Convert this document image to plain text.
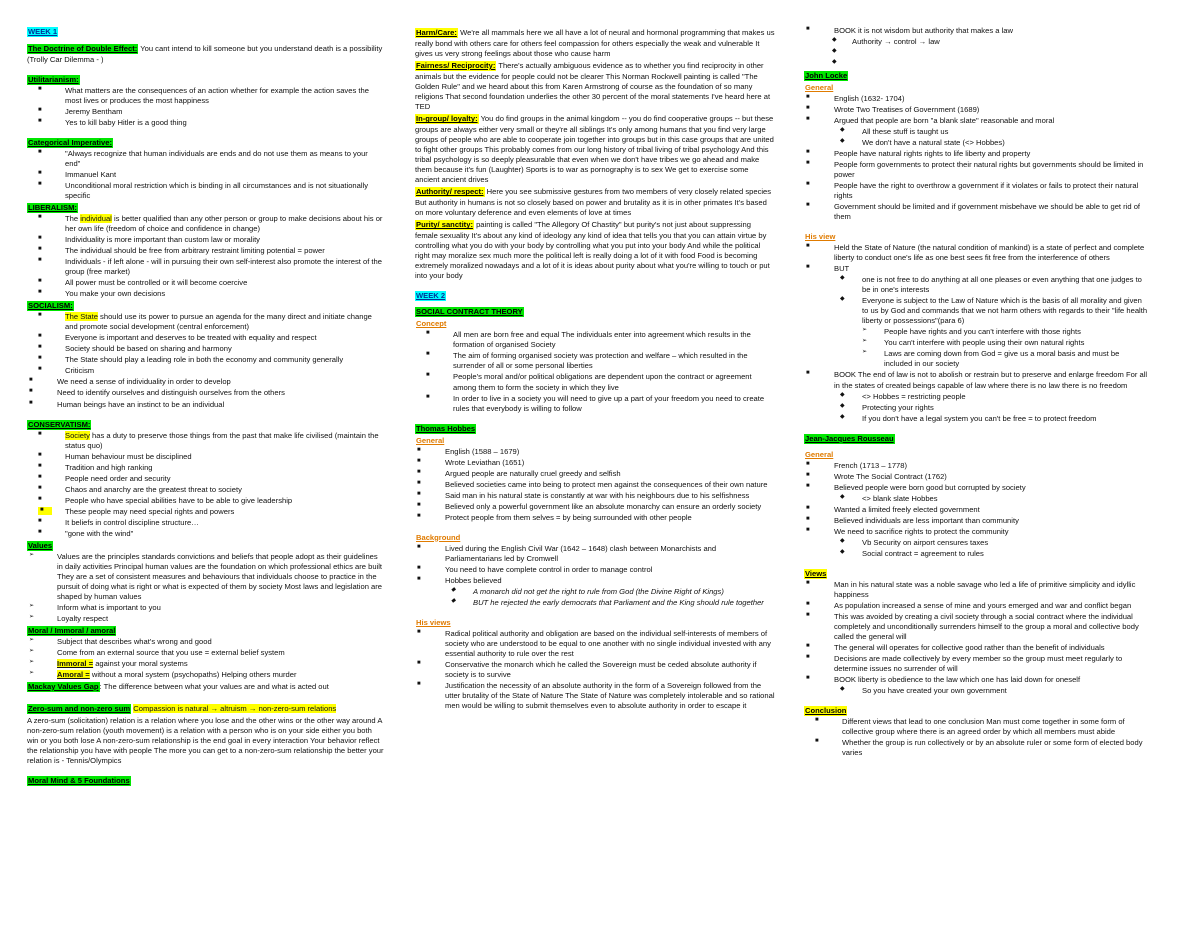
WEEK 1
The Doctrine of Double Effect: You cant intend to kill someone but you understand death is a possibility (Trolly Car Dilemma - )
Utilitarianism:
■	What matters are the consequences of an action whether for example the action saves the most lives or produces the most happiness
■	Jeremy Bentham
■	Yes to kill baby Hitler is a good thing
Categorical Imperative:
■	"Always recognize that human individuals are ends and do not use them as means to your end"
■	Immanuel Kant
■	Unconditional moral restriction which is binding in all circumstances and is not situationally specific
LIBERALISM:
■	The individual is better qualified than any other person or group to make decisions about his or her own life (freedom of choice and confidence in change)
■	Individuality is more important than custom law or morality
■	The individual should be free from arbitrary restraint limiting potential = power
■	Individuals - if left alone - will in pursuing their own self-interest also promote the interest of the group (free market)
■	All power must be controlled or it will become coercive
■	You make your own decisions
SOCIALISM:
■	The State should use its power to pursue an agenda for the many direct and initiate change and promote social development (central enforcement)
■	Everyone is important and deserves to be treated with equality and respect
■	Society should be based on sharing and harmony
■	The State should play a leading role in both the economy and community generally
■	Criticism
■	We need a sense of individuality in order to develop
■	Need to identify ourselves and distinguish ourselves from the others
■	Human beings have an instinct to be an individual
CONSERVATISM:
■	Society has a duty to preserve those things from the past that make life civilised (maintain the status quo)
■	Human behaviour must be disciplined
■	Tradition and high ranking
■	People need order and security
■	Chaos and anarchy are the greatest threat to society
■	People who have special abilities have to be able to give leadership
■	These people may need special rights and powers
■	It beliefs in control discipline structure…
■	"gone with the wind"
Values
➢	Values are the principles standards convictions and beliefs that people adopt as their guidelines in daily activities Principal human values are the foundation on which professional ethics are built They are a set of consistent measures and behaviours that individuals choose to practice in the pursuit of doing what is right or what is expected of them by society Most laws and legislation are shaped by human values
➢	Inform what is important to you
➢	Loyalty respect
Moral / Immoral / amoral
➢	Subject that describes what's wrong and good
➢	Come from an external source that you use = external belief system
➢	Immoral = against your moral systems
➢	Amoral = without a moral system (psychopaths) Helping others murder
Mackay Values Gap: The difference between what your values are and what is acted out
Zero-sum and non-zero sum Compassion is natural → altruism → non-zero-sum relations
A zero-sum (solicitation) relation is a relation where you lose and the other wins or the other way around A non-zero-sum relation (youth movement) is a relation with a person who is on your side either you both win or you both lose A non-zero-sum relationship is the end goal in every interaction Your behavior reflect the relationship you have with people The more you can get to a non-zero-sum relationship the better your relation is - Tennis/Olympics
Moral Mind & 5 Foundations
Harm/Care: We're all mammals here we all have a lot of neural and hormonal programming that makes us really bond with others care for others feel compassion for others especially the weak and vulnerable It gives us very strong feelings about those who cause harm
Fairness/ Reciprocity: There's actually ambiguous evidence as to whether you find reciprocity in other animals but the evidence for people could not be clearer This Norman Rockwell painting is called "The Golden Rule" and we heard about this from Karen Armstrong of course as the foundation of so many religions That second foundation underlies the other 30 percent of the moral statements I've heard here at TED
In-group/ loyalty: You do find groups in the animal kingdom -- you do find cooperative groups -- but these groups are always either very small or they're all siblings It's only among humans that you find very large groups of people who are able to cooperate join together into groups but in this case groups that are united to fight other groups This probably comes from our long history of tribal living of tribal psychology And this tribal psychology is so deeply pleasurable that even when we don't have tribes we go ahead and make them because it's fun (Laughter) Sports is to war as pornography is to sex We get to exercise some ancient ancient drives
Authority/ respect: Here you see submissive gestures from two members of very closely related species But authority in humans is not so closely based on power and brutality as it is in other primates It's based on more voluntary deference and even elements of love at times
Purity/ sanctity: painting is called "The Allegory Of Chastity" but purity's not just about suppressing female sexuality It's about any kind of ideology any kind of idea that tells you that you can attain virtue by controlling what you do with your body by controlling what you put into your body And while the political right may moralize sex much more the political left is really doing a lot of it with food Food is becoming extremely moralized nowadays and a lot of it is ideas about purity about what you're willing to touch or put into your body
WEEK 2
SOCIAL CONTRACT THEORY
Concept
■	All men are born free and equal The individuals enter into agreement which results in the formation of organised Society
■	The aim of forming organised society was protection and welfare – which resulted in the surrender of all or some personal liberties
■	People's moral and/or political obligations are dependent upon the contract or agreement among them to form the society in which they live
■	In order to live in a society you will need to give up a part of your freedom you need to create rules that everybody is willing to follow
Thomas Hobbes
General
■	English (1588 – 1679)
■	Wrote Leviathan (1651)
■	Argued people are naturally cruel greedy and selfish
■	Believed societies came into being to protect men against the consequences of their own nature
■	Said man in his natural state is constantly at war with his neighbours due to his selfishness
■	Believed only a powerful government like an absolute monarchy can ensure an orderly society
■	Protect people from them selves = by being surrounded with other people
Background
■	Lived during the English Civil War (1642 – 1648) clash between Monarchists and Parliamentarians led by Cromwell
■	You need to have complete control in order to manage control
■	Hobbes believed
◆ A monarch did not get the right to rule from God (the Divine Right of Kings)
◆ BUT he rejected the early democrats that Parliament and the King should rule together
His views
■	Radical political authority and obligation are based on the individual self-interests of members of society who are understood to be equal to one another with no single individual invested with any essential authority to rule over the rest
■	Conservative the monarch which he called the Sovereign must be ceded absolute authority if society is to survive
■	Justification the necessity of an absolute authority in the form of a Sovereign followed from the utter brutality of the State of Nature The State of Nature was completely intolerable and so rational men would be willing to submit themselves even to absolute authority in order to escape it
■	BOOK it is not wisdom but authority that makes a law
◆ Authority → control → law
◆

◆

John Locke
General
■	English (1632- 1704)
■	Wrote Two Treatises of Government (1689)
■	Argued that people are born "a blank slate" reasonable and moral
◆ All these stuff is taught us
◆ We don't have a natural state (<> Hobbes)
■	People have natural rights rights to life liberty and property
■	People form governments to protect their natural rights but governments should be limited in power
■	People have the right to overthrow a government if it violates or fails to protect their natural rights
■	Government should be limited and if government misbehave we should be able to get rid of them
His view
■	Held the State of Nature (the natural condition of mankind) is a state of perfect and complete liberty to conduct one's life as one best sees fit free from the interference of others
■	BUT
◆ one is not free to do anything at all one pleases or even anything that one judges to be in one's interests
◆ Everyone is subject to the Law of Nature which is the basis of all morality and given to us by God and commands that we not harm others with regards to their "life health liberty or possessions"(para 6)
➢ People have rights and you can't interfere with those rights
➢ You can't interfere with people using their own natural rights
➢ Laws are coming down from God = give us a moral basis and must be included in our society
■	BOOK The end of law is not to abolish or restrain but to preserve and enlarge freedom For all in the states of created beings capable of law where there is no law there is no freedom
◆ <> Hobbes = restricting people
◆ Protecting your rights
◆ If you don't have a legal system you can't be free = to protect freedom
Jean-Jacques Rousseau
General
■	French (1713 – 1778)
■	Wrote The Social Contract (1762)
■	Believed people were born good but corrupted by society
◆ <> blank slate Hobbes
■	Wanted a limited freely elected government
■	Believed individuals are less important than community
■	We need to sacrifice rights to protect the community
◆ Vb Security on airport censures taxes
◆ Social contract = agreement to rules
Views
■	Man in his natural state was a noble savage who led a life of primitive simplicity and idyllic happiness
■	As population increased a sense of mine and yours emerged and war and conflict began
■	This was avoided by creating a civil society through a social contract where the individual completely and unconditionally surrenders himself to the group a moral and collective body called the general will
■	The general will operates for collective good rather than the benefit of individuals
■	Decisions are made collectively by every member so the group must meet regularly to determine issues no surrender of will
■	BOOK liberty is obedience to the law which one has laid down for oneself
◆ So you have created your own government
Conclusion
■	Different views that lead to one conclusion Man must come together in some form of collective group where there is an agreed order by which all members must abide
■	Whether the group is run collectively or by an absolute ruler or some form of elected body varies
